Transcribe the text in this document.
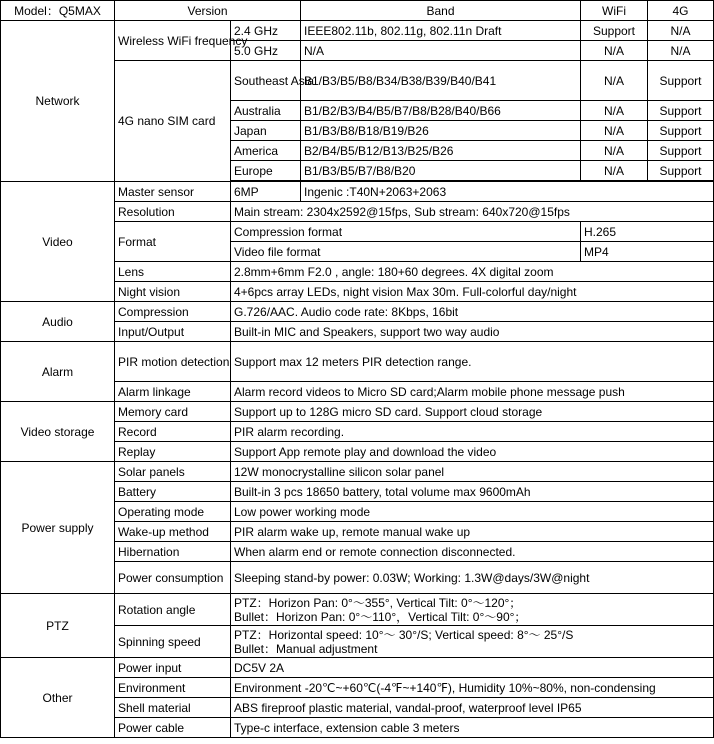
Model：Q5MAX	Version		Band	WiFi	4G
Network	Wireless WiFi frequency	2.4 GHz	IEEE802.11b, 802.11g, 802.11n Draft	Support	N/A
		5.0 GHz	N/A	N/A	N/A
	4G nano SIM card	Southeast Asia	B1/B3/B5/B8/B34/B38/B39/B40/B41	N/A	Support
		Australia	B1/B2/B3/B4/B5/B7/B8/B28/B40/B66	N/A	Support
		Japan	B1/B3/B8/B18/B19/B26	N/A	Support
		America	B2/B4/B5/B12/B13/B25/B26	N/A	Support
		Europe	B1/B3/B5/B7/B8/B20	N/A	Support

Video	Master sensor	6MP	Ingenic :T40N+2063+2063		
	Resolution	Main stream: 2304x2592@15fps, Sub stream: 640x720@15fps			
	Format	Compression format		H.265	
		Video file format		MP4	
	Lens	2.8mm+6mm F2.0 , angle: 180+60 degrees. 4X digital zoom			
	Night vision	4+6pcs array LEDs, night vision Max 30m. Full-colorful day/night			
Audio	Compression	G.726/AAC. Audio code rate: 8Kbps, 16bit			
	Input/Output	Built-in MIC and Speakers, support two way audio			
Alarm	PIR motion detection	Support max 12 meters PIR detection range.			
	Alarm linkage	Alarm record videos to Micro SD card;Alarm mobile phone message push			
Video storage	Memory card	Support up to 128G micro SD card. Support cloud storage			
	Record	PIR alarm recording.			
	Replay	Support App remote play and download the video			
Power supply	Solar panels	12W monocrystalline silicon solar panel			
	Battery	Built-in 3 pcs 18650 battery, total volume max 9600mAh			
	Operating mode	Low power working mode			
	Wake-up method	PIR alarm wake up, remote manual wake up			
	Hibernation	When alarm end or remote connection disconnected.			
	Power consumption	Sleeping stand-by power: 0.03W; Working: 1.3W@days/3W@night			
PTZ	Rotation angle	PTZ：Horizon Pan: 0°～355°, Vertical Tilt: 0°～120°；
Bullet：Horizon Pan: 0°～110°，Vertical Tilt: 0°～90°；			

	Spinning speed	PTZ：Horizontal speed: 10°～ 30°/S; Vertical speed: 8°～ 25°/S
Bullet：Manual adjustment			

Other	Power input	DC5V 2A			
	Environment	Environment -20℃~+60℃(-4℉~+140℉), Humidity 10%~80%, non-condensing			
	Shell material	ABS fireproof plastic material, vandal-proof, waterproof level IP65			
	Power cable	Type-c interface, extension cable 3 meters			
